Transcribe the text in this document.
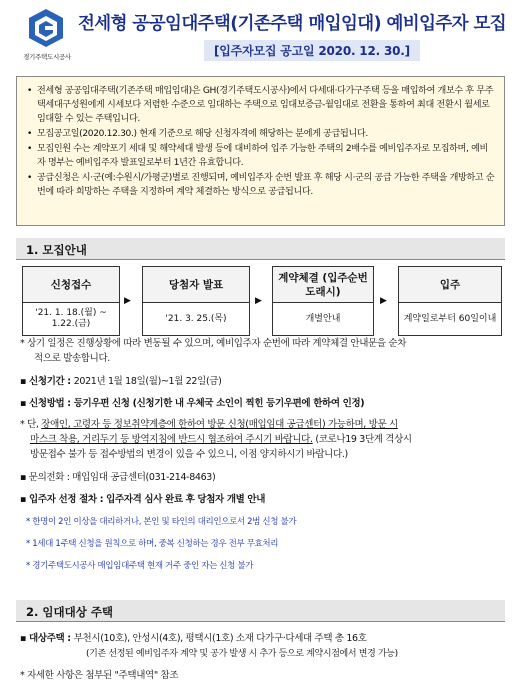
경기주택도시공사
전세형 공공임대주택(기존주택 매입임대) 예비입주자 모집
[입주자모집 공고일 2020. 12. 30.]
• 전세형 공공임대주택(기존주택 매입임대)은 GH(경기주택도시공사)에서 다세대·다가구주택 등을 매입하여 개보수 후 무주택세대구성원에게 시세보다 저렴한 수준으로 임대하는 주택으로 임대보증금-월임대로 전환을 통하여 최대 전환시 월세로 임대할 수 있는 주택입니다.
• 모집공고일(2020.12.30.) 현재 기준으로 해당 신청자격에 해당하는 분에게 공급됩니다.
• 모집인원 수는 계약포기 세대 및 해약세대 발생 등에 대비하여 입주 가능한 주택의 2배수를 예비입주자로 모집하며, 예비자 명부는 예비입주자 발표일로부터 1년간 유효합니다.
• 공급신청은 시·군(예:수원시/가평군)별로 진행되며, 예비입주자 순번 발표 후 해당 시·군의 공급 가능한 주택을 개방하고 순번에 따라 희망하는 주택을 지정하여 계약 체결하는 방식으로 공급됩니다.
1. 모집안내
신청접수
'21. 1. 18.(월) ~ 1.22.(금)
▶
당첨자 발표
'21. 3. 25.(목)
▶
계약체결 (입주순번 도래시)
개별안내
▶
입주
계약일로부터 60일이내
* 상기 일정은 진행상황에 따라 변동될 수 있으며, 예비입주자 순번에 따라 계약체결 안내문을 순차
적으로 발송합니다.
▪ 신청기간 : 2021년 1월 18일(월)~1월 22일(금)
▪ 신청방법 : 등기우편 신청 (신청기한 내 우체국 소인이 찍힌 등기우편에 한하여 인정)
* 단, 장애인, 고령자 등 정보취약계층에 한하여 방문 신청(매입임대 공급센터) 가능하며, 방문 시
마스크 착용, 거리두기 등 방역지침에 반드시 협조하여 주시기 바랍니다. (코로나19 3단계 격상시
방문접수 불가 등 접수방법의 변경이 있을 수 있으니, 이점 양지하시기 바랍니다.)
▪ 문의전화 : 매입임대 공급센터(031-214-8463)
▪ 입주자 선정 절차 : 입주자격 심사 완료 후 당첨자 개별 안내
* 한명이 2인 이상을 대리하거나, 본인 및 타인의 대리인으로서 2범 신청 불가
* 1세대 1주택 신청을 원칙으로 하며, 중복 신청하는 경우 전부 무효처리
* 경기주택도시공사 매입임대주택 현재 거주 중인 자는 신청 불가
2. 임대대상 주택
▪ 대상주택 : 부천시(10호), 안성시(4호), 평택시(1호) 소재 다가구·다세대 주택 총 16호
(기존 선정된 예비입주자 계약 및 공가 발생 시 추가 등으로 계약시점에서 변경 가능)
* 자세한 사항은 첨부된 "주택내역" 참조
